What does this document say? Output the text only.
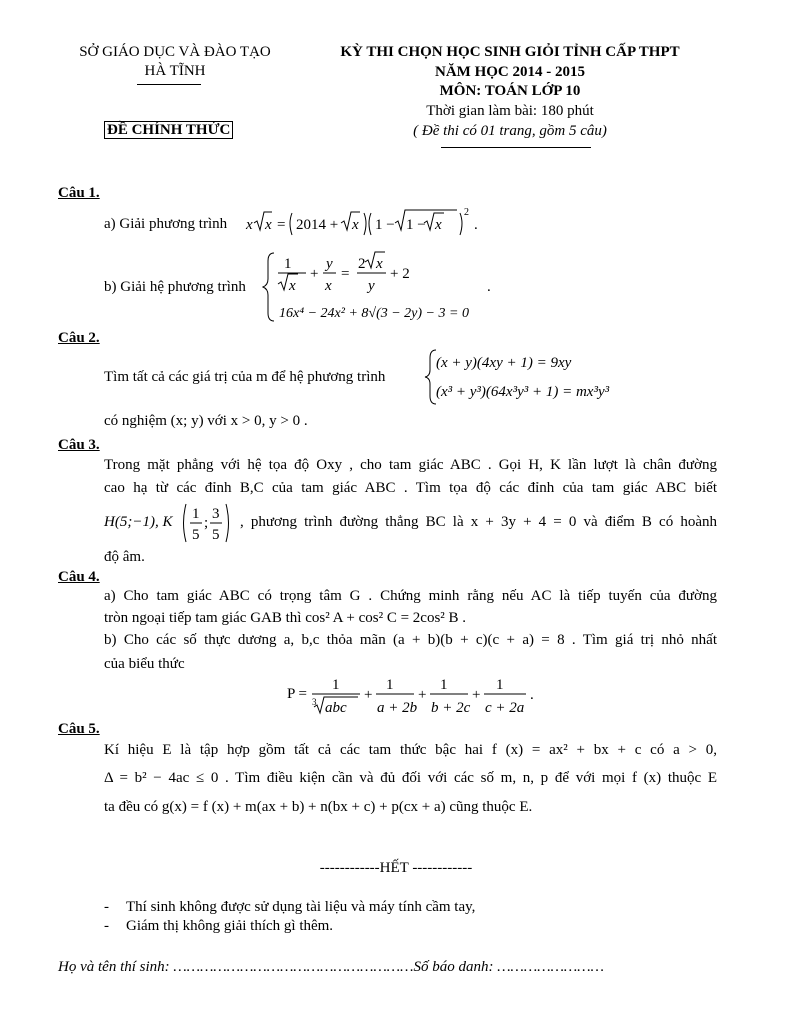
SỞ GIÁO DỤC VÀ ĐÀO TẠO
HÀ TĨNH
ĐỀ CHÍNH THỨC
KỲ THI CHỌN HỌC SINH GIỎI TỈNH CẤP THPT
NĂM HỌC 2014 - 2015
MÔN: TOÁN LỚP 10
Thời gian làm bài: 180 phút
( Đề thi có 01 trang, gồm 5 câu)
Câu 1.
a) Giải phương trình x x = 2014 + x 1 − 1 − x
2
.
b) Giải hệ phương trình
1
x
+
y
x
=
2 x
y
+ 2
16x⁴ − 24x² + 8√(3 − 2y) − 3 = 0
.
Câu 2.
Tìm tất cả các giá trị của m để hệ phương trình
(x + y)(4xy + 1) = 9xy
(x³ + y³)(64x³y³ + 1) = mx³y³
có nghiệm (x; y) với x > 0, y > 0 .
Câu 3.
Trong mặt phẳng với hệ tọa độ Oxy , cho tam giác ABC . Gọi H, K lần lượt là chân đường
cao hạ từ các đỉnh B,C của tam giác ABC . Tìm tọa độ các đỉnh của tam giác ABC biết
H(5;−1), K 1
5
;
3
5
, phương trình đường thẳng BC là x + 3y + 4 = 0 và điểm B có hoành
độ âm.
Câu 4.
a) Cho tam giác ABC có trọng tâm G . Chứng minh rằng nếu AC là tiếp tuyến của đường
tròn ngoại tiếp tam giác GAB thì cos² A + cos² C = 2cos² B .
b) Cho các số thực dương a, b,c thỏa mãn (a + b)(b + c)(c + a) = 8 . Tìm giá trị nhỏ nhất
của biểu thức
P =
1
3 abc
+
1
a + 2b
+
1
b + 2c
+
1
c + 2a
.
Câu 5.
Kí hiệu E là tập hợp gồm tất cả các tam thức bậc hai f (x) = ax² + bx + c có a > 0,
Δ = b² − 4ac ≤ 0 . Tìm điều kiện cần và đủ đối với các số m, n, p để với mọi f (x) thuộc E
ta đều có g(x) = f (x) + m(ax + b) + n(bx + c) + p(cx + a) cũng thuộc E.
------------HẾT ------------
- Thí sinh không được sử dụng tài liệu và máy tính cầm tay,
- Giám thị không giải thích gì thêm.
Họ và tên thí sinh: ………………………………………………Số báo danh: ……………………
